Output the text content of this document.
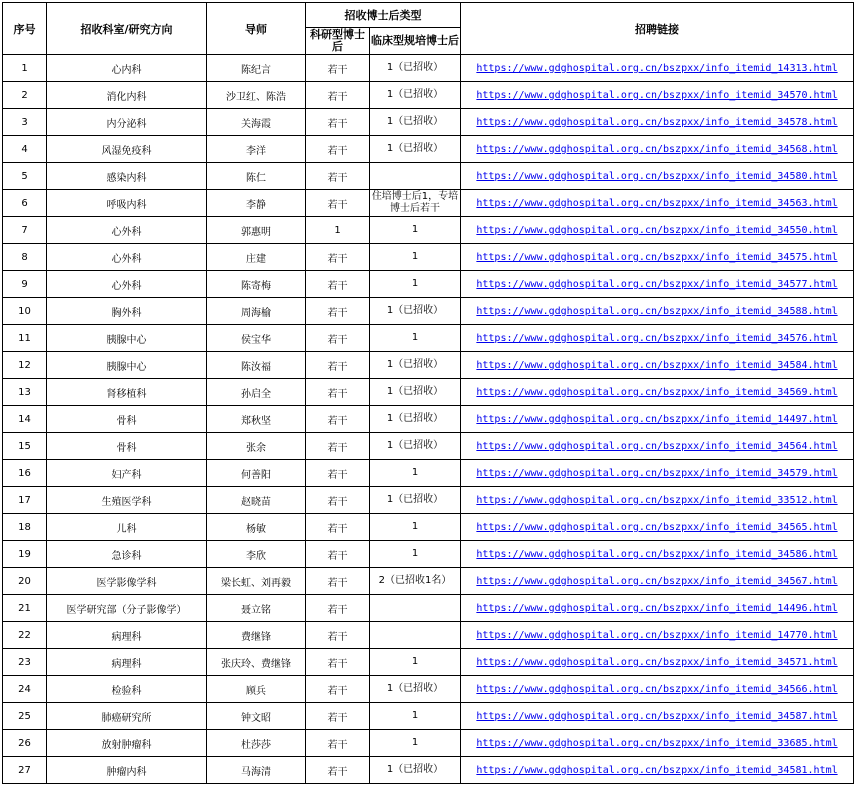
序号	招收科室/研究方向	导师	招收博士后类型		招聘链接
			科研型博士后	临床型规培博士后	
1	心内科	陈纪言	若干	1（已招收）	https://www.gdghospital.org.cn/bszpxx/info_itemid_14313.html
2	消化内科	沙卫红、陈浩	若干	1（已招收）	https://www.gdghospital.org.cn/bszpxx/info_itemid_34570.html
3	内分泌科	关海霞	若干	1（已招收）	https://www.gdghospital.org.cn/bszpxx/info_itemid_34578.html
4	风湿免疫科	李洋	若干	1（已招收）	https://www.gdghospital.org.cn/bszpxx/info_itemid_34568.html
5	感染内科	陈仁	若干		https://www.gdghospital.org.cn/bszpxx/info_itemid_34580.html
6	呼吸内科	李静	若干	住培博士后1，专培博士后若干	https://www.gdghospital.org.cn/bszpxx/info_itemid_34563.html
7	心外科	郭惠明	1	1	https://www.gdghospital.org.cn/bszpxx/info_itemid_34550.html
8	心外科	庄建	若干	1	https://www.gdghospital.org.cn/bszpxx/info_itemid_34575.html
9	心外科	陈寄梅	若干	1	https://www.gdghospital.org.cn/bszpxx/info_itemid_34577.html
10	胸外科	周海榆	若干	1（已招收）	https://www.gdghospital.org.cn/bszpxx/info_itemid_34588.html
11	胰腺中心	侯宝华	若干	1	https://www.gdghospital.org.cn/bszpxx/info_itemid_34576.html
12	胰腺中心	陈汝福	若干	1（已招收）	https://www.gdghospital.org.cn/bszpxx/info_itemid_34584.html
13	肾移植科	孙启全	若干	1（已招收）	https://www.gdghospital.org.cn/bszpxx/info_itemid_34569.html
14	骨科	郑秋坚	若干	1（已招收）	https://www.gdghospital.org.cn/bszpxx/info_itemid_14497.html
15	骨科	张余	若干	1（已招收）	https://www.gdghospital.org.cn/bszpxx/info_itemid_34564.html
16	妇产科	何善阳	若干	1	https://www.gdghospital.org.cn/bszpxx/info_itemid_34579.html
17	生殖医学科	赵晓苗	若干	1（已招收）	https://www.gdghospital.org.cn/bszpxx/info_itemid_33512.html
18	儿科	杨敏	若干	1	https://www.gdghospital.org.cn/bszpxx/info_itemid_34565.html
19	急诊科	李欣	若干	1	https://www.gdghospital.org.cn/bszpxx/info_itemid_34586.html
20	医学影像学科	梁长虹、刘再毅	若干	2（已招收1名）	https://www.gdghospital.org.cn/bszpxx/info_itemid_34567.html
21	医学研究部（分子影像学）	聂立铭	若干		https://www.gdghospital.org.cn/bszpxx/info_itemid_14496.html
22	病理科	费继锋	若干		https://www.gdghospital.org.cn/bszpxx/info_itemid_14770.html
23	病理科	张庆玲、费继锋	若干	1	https://www.gdghospital.org.cn/bszpxx/info_itemid_34571.html
24	检验科	顾兵	若干	1（已招收）	https://www.gdghospital.org.cn/bszpxx/info_itemid_34566.html
25	肺癌研究所	钟文昭	若干	1	https://www.gdghospital.org.cn/bszpxx/info_itemid_34587.html
26	放射肿瘤科	杜莎莎	若干	1	https://www.gdghospital.org.cn/bszpxx/info_itemid_33685.html
27	肿瘤内科	马海清	若干	1（已招收）	https://www.gdghospital.org.cn/bszpxx/info_itemid_34581.html
